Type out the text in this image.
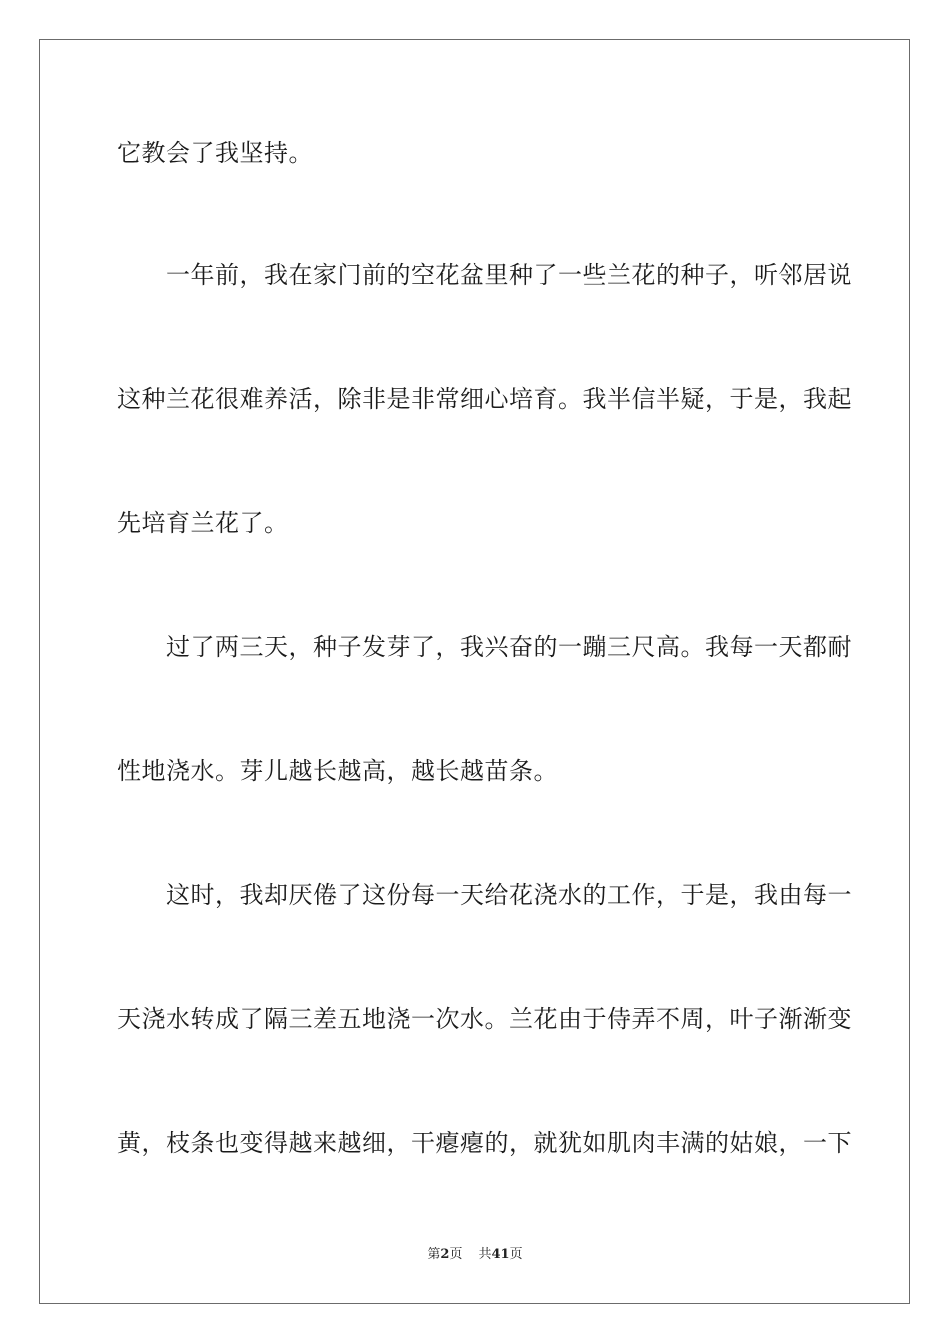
它教会了我坚持。
　　一年前，我在家门前的空花盆里种了一些兰花的种子，听邻居说
这种兰花很难养活，除非是非常细心培育。我半信半疑，于是，我起
先培育兰花了。
　　过了两三天，种子发芽了，我兴奋的一蹦三尺高。我每一天都耐
性地浇水。芽儿越长越高，越长越苗条。
　　这时，我却厌倦了这份每一天给花浇水的工作，于是，我由每一
天浇水转成了隔三差五地浇一次水。兰花由于侍弄不周，叶子渐渐变
黄，枝条也变得越来越细，干瘪瘪的，就犹如肌肉丰满的姑娘，一下
第2页 共41页
